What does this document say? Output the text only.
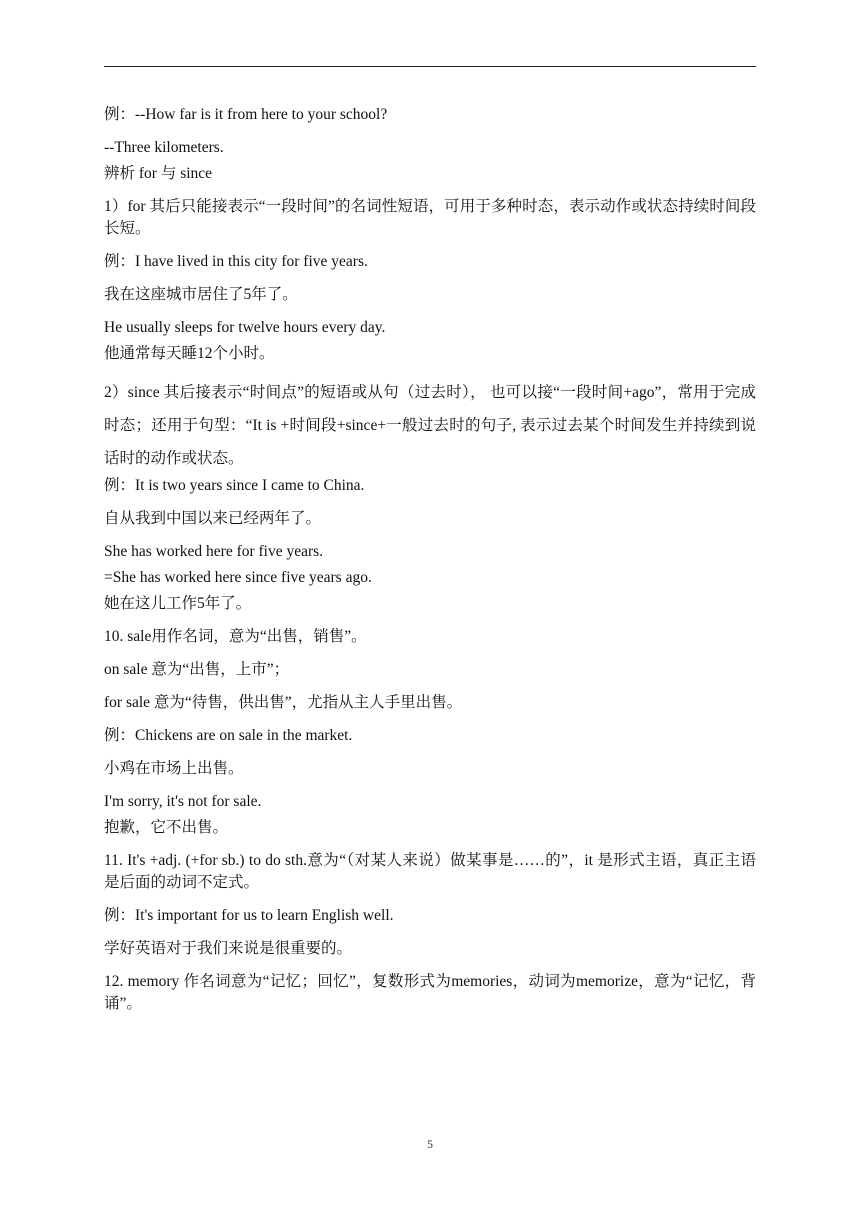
例：--How far is it from here to your school?
--Three kilometers.
辨析 for 与 since
1）for 其后只能接表示“一段时间”的名词性短语，可用于多种时态，表示动作或状态持续时间段长短。
例：I have lived in this city for five years.
我在这座城市居住了5年了。
He usually sleeps for twelve hours every day.
他通常每天睡12个小时。
2）since 其后接表示“时间点”的短语或从句（过去时）， 也可以接“一段时间+ago”，常用于完成时态；还用于句型：“It is +时间段+since+一般过去时的句子, 表示过去某个时间发生并持续到说话时的动作或状态。
例：It is two years since I came to China.
自从我到中国以来已经两年了。
She has worked here for five years.
=She has worked here since five years ago.
她在这儿工作5年了。
10. sale用作名词，意为“出售，销售”。
on sale 意为“出售，上市”；
for sale 意为“待售，供出售”，尤指从主人手里出售。
例：Chickens are on sale in the market.
小鸡在市场上出售。
I'm sorry, it's not for sale.
抱歉，它不出售。
11. It's +adj. (+for sb.) to do sth.意为“（对某人来说）做某事是……的”，it 是形式主语，真正主语是后面的动词不定式。
例：It's important for us to learn English well.
学好英语对于我们来说是很重要的。
12. memory 作名词意为“记忆；回忆”，复数形式为memories，动词为memorize，意为“记忆，背诵”。
5
